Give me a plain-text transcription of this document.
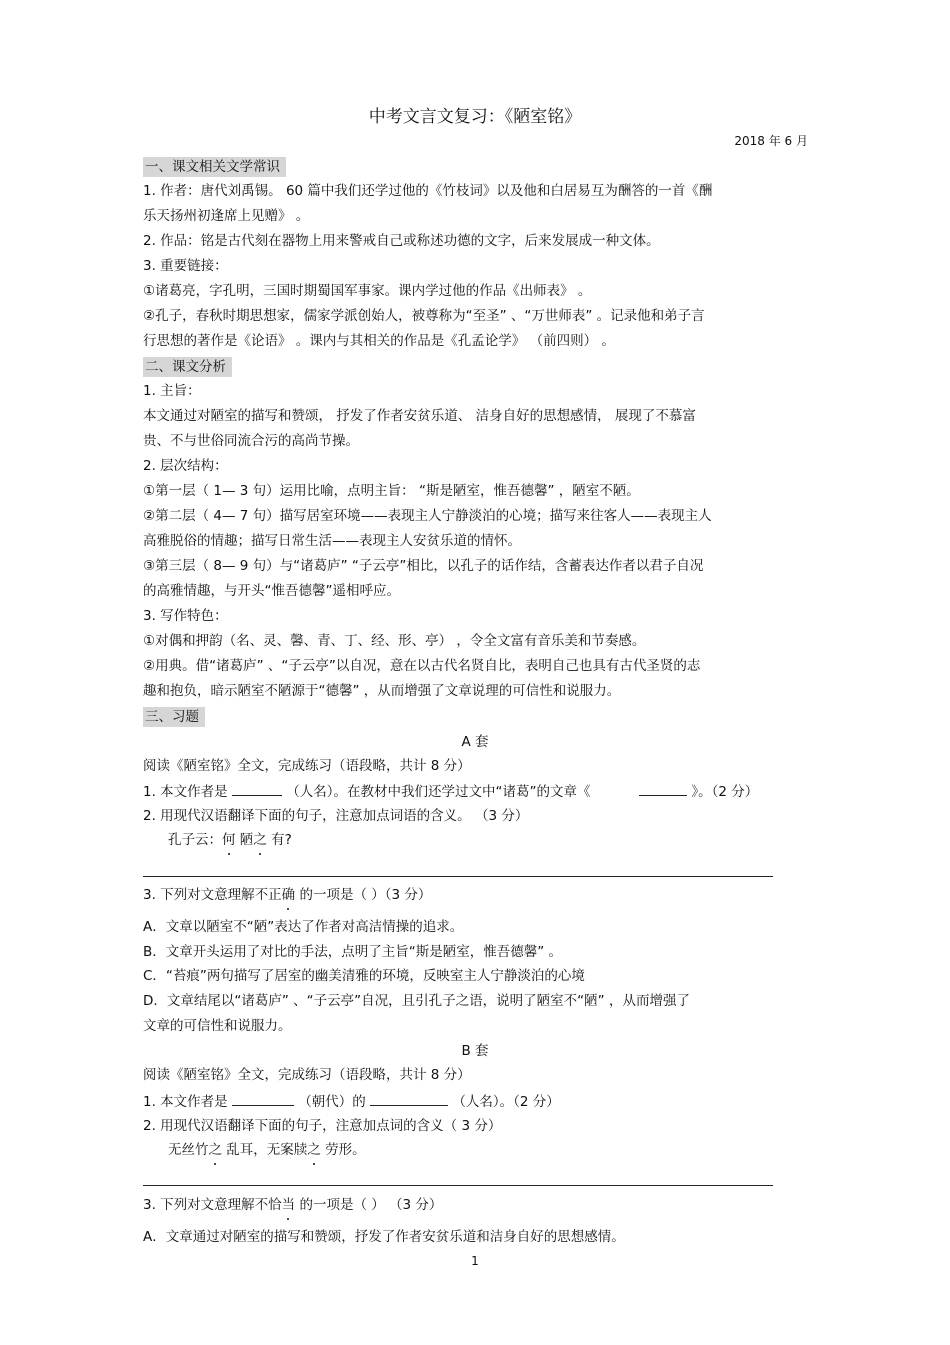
中考文言文复习：《陋室铭》
2018 年 6 月
一、课文相关文学常识

1. 作者：唐代刘禹锡。 60 篇中我们还学过他的《竹枝词》以及他和白居易互为酬答的一首《酬

乐天扬州初逢席上见赠》 。

2. 作品：铭是古代刻在器物上用来警戒自己或称述功德的文字，后来发展成一种文体。

3. 重要链接：

①诸葛亮，字孔明，三国时期蜀国军事家。课内学过他的作品《出师表》 。

②孔子，春秋时期思想家，儒家学派创始人，被尊称为“至圣” 、“万世师表” 。记录他和弟子言

行思想的著作是《论语》 。课内与其相关的作品是《孔孟论学》 （前四则） 。

二、课文分析

1. 主旨：

本文通过对陋室的描写和赞颂， 抒发了作者安贫乐道、 洁身自好的思想感情， 展现了不慕富

贵、不与世俗同流合污的高尚节操。

2. 层次结构：

①第一层（ 1— 3 句）运用比喻，点明主旨： “斯是陋室，惟吾德馨” ，陋室不陋。

②第二层（ 4— 7 句）描写居室环境——表现主人宁静淡泊的心境；描写来往客人——表现主人

高雅脱俗的情趣；描写日常生活——表现主人安贫乐道的情怀。

③第三层（ 8— 9 句）与“诸葛庐” “子云亭”相比，以孔子的话作结，含蓄表达作者以君子自况

的高雅情趣，与开头“惟吾德馨”遥相呼应。

3. 写作特色：

①对偶和押韵（名、灵、馨、青、丁、经、形、亭） ，令全文富有音乐美和节奏感。

②用典。借“诸葛庐” 、“子云亭”以自况，意在以古代名贤自比，表明自己也具有古代圣贤的志

趣和抱负，暗示陋室不陋源于“德馨” ，从而增强了文章说理的可信性和说服力。

三、习题
A 套

阅读《陋室铭》全文，完成练习（语段略，共计 8 分）

1. 本文作者是	（人名）。在教材中我们还学过文中“诸葛”的文章《	》。（2 分）

2. 用现代汉语翻译下面的句子，注意加点词语的含义。 （3 分）

孔子云：何 陋之 有?

3. 下列对文意理解不正确 的一项是（ ）（3 分）

A．文章以陋室不“陋”表达了作者对高洁情操的追求。

B．文章开头运用了对比的手法，点明了主旨“斯是陋室，惟吾德馨” 。

C．“苔痕”两句描写了居室的幽美清雅的环境，反映室主人宁静淡泊的心境

D．文章结尾以“诸葛庐” 、“子云亭”自况，且引孔子之语，说明了陋室不“陋” ，从而增强了

文章的可信性和说服力。

B 套

阅读《陋室铭》全文，完成练习（语段略，共计 8 分）

1. 本文作者是	（朝代）的	（人名）。（2 分）

2. 用现代汉语翻译下面的句子，注意加点词的含义（ 3 分）

无丝竹之 乱耳，无案牍之 劳形。

3. 下列对文意理解不恰当 的一项是（ ） （3 分）

A．文章通过对陋室的描写和赞颂，抒发了作者安贫乐道和洁身自好的思想感情。

1
